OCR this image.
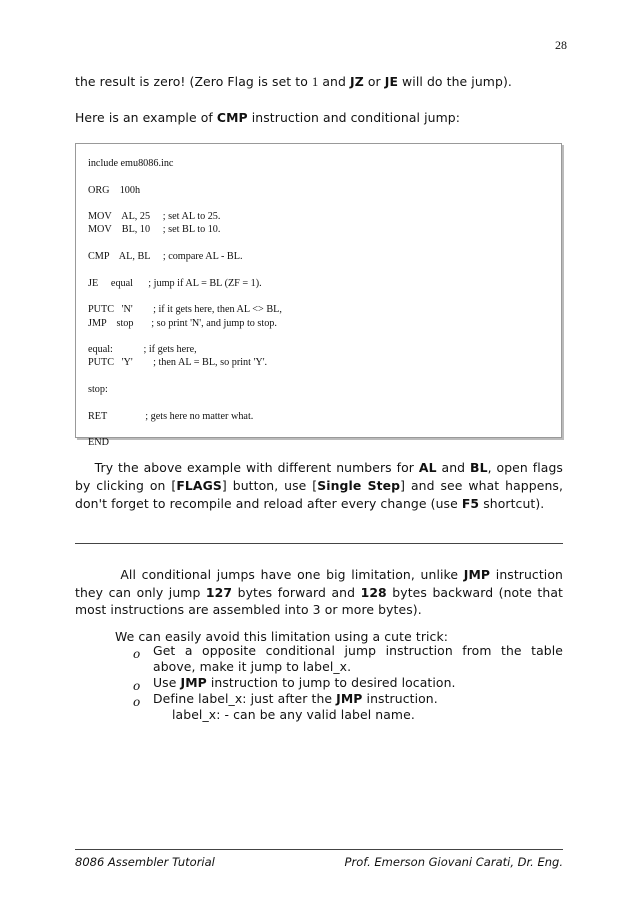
28
the result is zero! (Zero Flag is set to 1 and JZ or JE will do the jump).
Here is an example of CMP instruction and conditional jump:
include emu8086.inc
ORG    100h
MOV    AL, 25     ; set AL to 25.
MOV    BL, 10     ; set BL to 10.
CMP    AL, BL     ; compare AL - BL.
JE     equal      ; jump if AL = BL (ZF = 1).
PUTC   'N'        ; if it gets here, then AL <> BL,
JMP    stop       ; so print 'N', and jump to stop.
equal:            ; if gets here,
PUTC   'Y'        ; then AL = BL, so print 'Y'.
stop:
RET               ; gets here no matter what.
END
Try the above example with different numbers for AL and BL, open flags by clicking on [FLAGS] button, use [Single Step] and see what happens, don't forget to recompile and reload after every change (use F5 shortcut).
All conditional jumps have one big limitation, unlike JMP instruction they can only jump 127 bytes forward and 128 bytes backward (note that most instructions are assembled into 3 or more bytes).
We can easily avoid this limitation using a cute trick:
o Get a opposite conditional jump instruction from the table above, make it jump to label_x.
o Use JMP instruction to jump to desired location.
o Define label_x: just after the JMP instruction.
label_x: - can be any valid label name.
8086 Assembler Tutorial	Prof. Emerson Giovani Carati, Dr. Eng.
